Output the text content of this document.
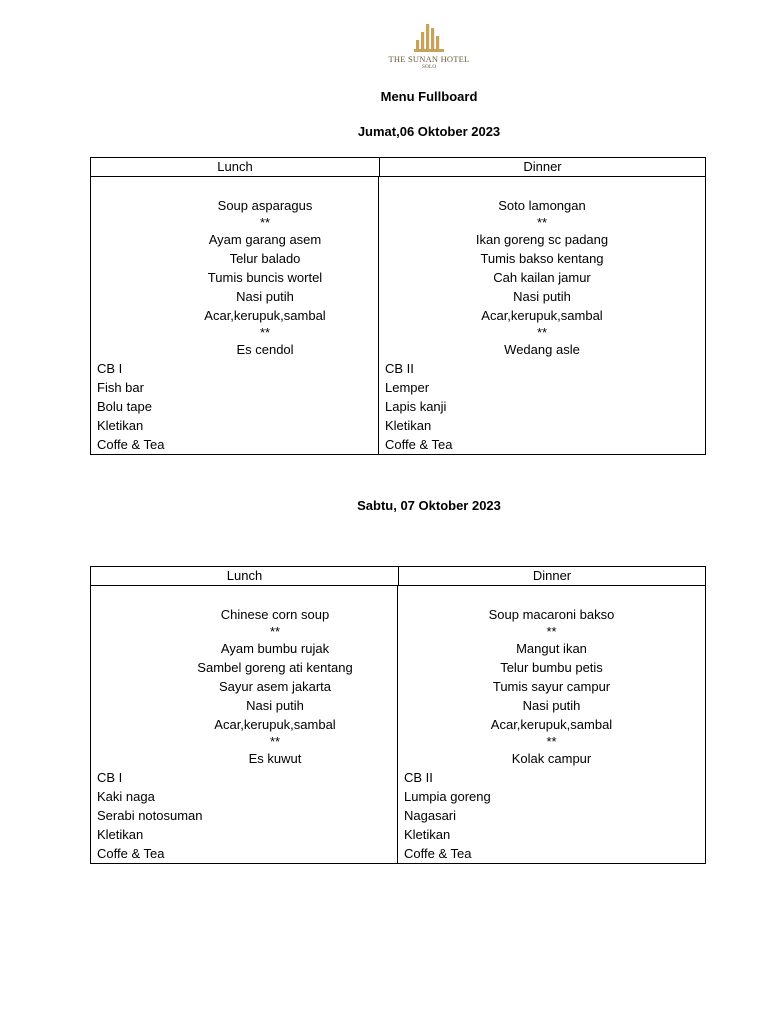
THE SUNAN HOTEL
SOLO
Menu Fullboard
Jumat,06 Oktober 2023
Lunch	Dinner
Soup asparagus
**
Ayam garang asem
Telur balado
Tumis buncis wortel
Nasi putih
Acar,kerupuk,sambal
**
Es cendol
CB I
Fish bar
Bolu tape
Kletikan
Coffe & Tea
Soto lamongan
**
Ikan goreng sc padang
Tumis bakso kentang
Cah kailan jamur
Nasi putih
Acar,kerupuk,sambal
**
Wedang asle
CB II
Lemper
Lapis kanji
Kletikan
Coffe & Tea
Sabtu, 07 Oktober 2023
Lunch	Dinner
Chinese corn soup
**
Ayam bumbu rujak
Sambel goreng ati kentang
Sayur asem jakarta
Nasi putih
Acar,kerupuk,sambal
**
Es kuwut
CB I
Kaki naga
Serabi notosuman
Kletikan
Coffe & Tea
Soup macaroni bakso
**
Mangut ikan
Telur bumbu petis
Tumis sayur campur
Nasi putih
Acar,kerupuk,sambal
**
Kolak campur
CB II
Lumpia goreng
Nagasari
Kletikan
Coffe & Tea
